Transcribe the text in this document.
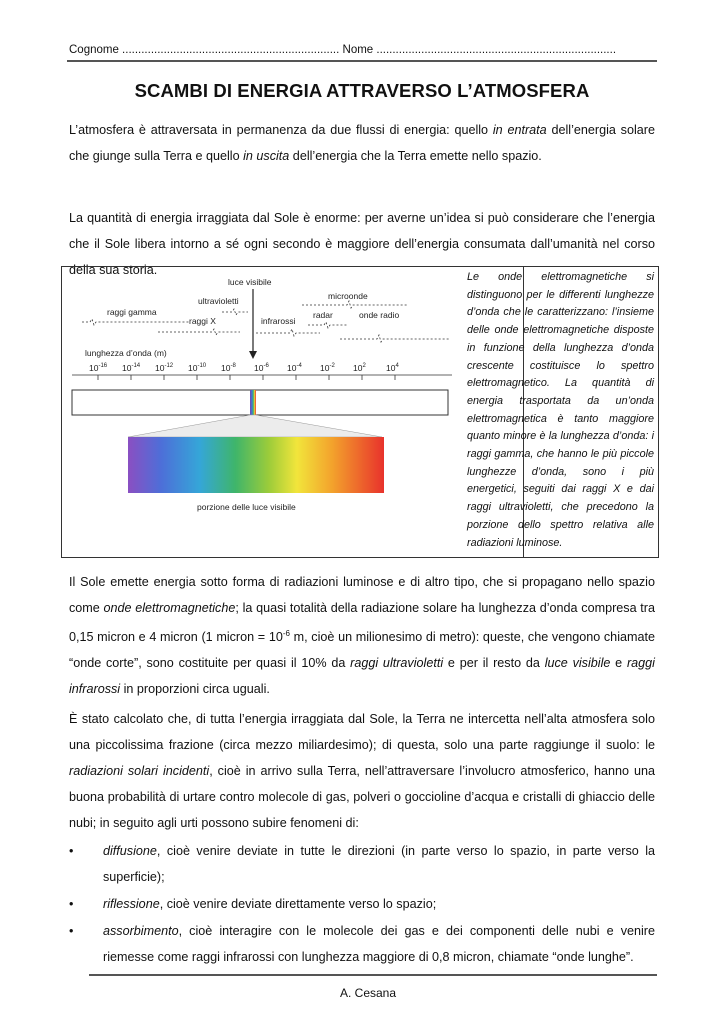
Cognome .................................................................... Nome ...........................................................................
SCAMBI DI ENERGIA ATTRAVERSO L’ATMOSFERA

L’atmosfera è attraversata in permanenza da due flussi di energia: quello in entrata dell’energia solare che giunge sulla Terra e quello in uscita dell’energia che la Terra emette nello spazio.

La quantità di energia irraggiata dal Sole è enorme: per averne un’idea si può considerare che l’energia che il Sole libera intorno a sé ogni secondo è maggiore dell’energia consumata dall’umanità nel corso della sua storia.

luce visibile
ultravioletti	microonde
raggi gamma
raggi X	infrarossi
radar	onde radio
lunghezza d’onda (m)
$10^{-16}$ $10^{-14}$ $10^{-12}$ $10^{-10}$ $10^{-8}$ $10^{-6}$ $10^{-4}$ $10^{-2}$ $10^2$ $10^4$
porzione delle luce visibile

Le onde elettromagnetiche si distinguono per le differenti lunghezze d’onda che le caratterizzano: l’insieme delle onde elettromagnetiche disposte in funzione della lunghezza d’onda crescente costituisce lo spettro elettromagnetico. La quantità di energia trasportata da un’onda elettromagnetica è tanto maggiore quanto minore è la lunghezza d’onda: i raggi gamma, che hanno le più piccole lunghezze d’onda, sono i più energetici, seguiti dai raggi X e dai raggi ultravioletti, che precedono la porzione dello spettro relativa alle radiazioni luminose.

Il Sole emette energia sotto forma di radiazioni luminose e di altro tipo, che si propagano nello spazio come onde elettromagnetiche; la quasi totalità della radiazione solare ha lunghezza d’onda compresa tra 0,15 micron e 4 micron (1 micron = $10^{-6}$ m, cioè un milionesimo di metro): queste, che vengono chiamate “onde corte”, sono costituite per quasi il 10% da raggi ultravioletti e per il resto da luce visibile e raggi infrarossi in proporzioni circa uguali.

È stato calcolato che, di tutta l’energia irraggiata dal Sole, la Terra ne intercetta nell’alta atmosfera solo una piccolissima frazione (circa mezzo miliardesimo); di questa, solo una parte raggiunge il suolo: le radiazioni solari incidenti, cioè in arrivo sulla Terra, nell’attraversare l’involucro atmosferico, hanno una buona probabilità di urtare contro molecole di gas, polveri o goccioline d’acqua e cristalli di ghiaccio delle nubi; in seguito agli urti possono subire fenomeni di:

• diffusione, cioè venire deviate in tutte le direzioni (in parte verso lo spazio, in parte verso la superficie);
• riflessione, cioè venire deviate direttamente verso lo spazio;
• assorbimento, cioè interagire con le molecole dei gas e dei componenti delle nubi e venire riemesse come raggi infrarossi con lunghezza maggiore di 0,8 micron, chiamate “onde lunghe”.
A. Cesana
